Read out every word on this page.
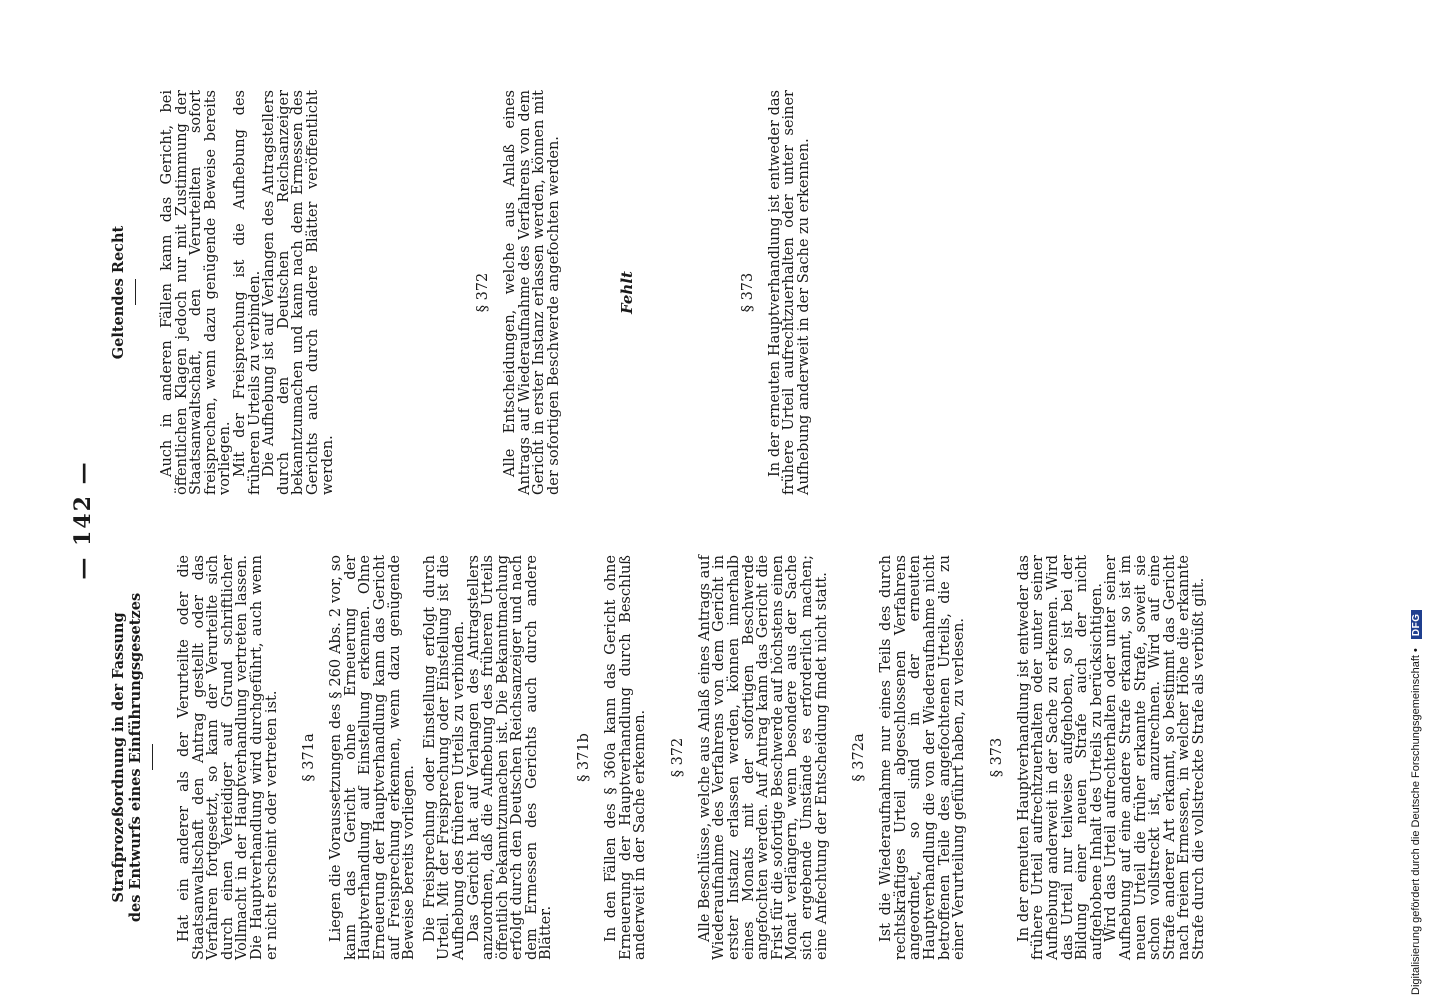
— 142 —
Strafprozeßordnung in der Fassung des Entwurfs eines Einführungsgesetzes Hat ein anderer als der Verurteilte oder die Staatsanwaltschaft den Antrag gestellt oder das Verfahren fortgesetzt, so kann der Verurteilte sich durch einen Verteidiger auf Grund schriftlicher Vollmacht in der Hauptverhandlung vertreten lassen. Die Hauptverhandlung wird durchgeführt, auch wenn er nicht erscheint oder vertreten ist. § 371a Liegen die Voraussetzungen des § 260 Abs. 2 vor, so kann das Gericht ohne Erneuerung der Hauptverhandlung auf Einstellung erkennen. Ohne Erneuerung der Hauptverhandlung kann das Gericht auf Freisprechung erkennen, wenn dazu genügende Beweise bereits vorliegen. Die Freisprechung oder Einstellung erfolgt durch Urteil. Mit der Freisprechung oder Einstellung ist die Aufhebung des früheren Urteils zu verbinden.

Das Gericht hat auf Verlangen des Antragstellers anzuordnen, daß die Aufhebung des früheren Urteils öffentlich bekanntzumachen ist. Die Bekanntmachung erfolgt durch den Deutschen Reichsanzeiger und nach dem Ermessen des Gerichts auch durch andere Blätter.

§ 371b In den Fällen des § 360a kann das Gericht ohne Erneuerung der Hauptverhandlung durch Beschluß anderweit in der Sache erkennen. § 372 Alle Beschlüsse, welche aus Anlaß eines Antrags auf Wiederaufnahme des Verfahrens von dem Gericht in erster Instanz erlassen werden, können innerhalb eines Monats mit der sofortigen Beschwerde angefochten werden. Auf Antrag kann das Gericht die Frist für die sofortige Beschwerde auf höchstens einen Monat verlängern, wenn besondere aus der Sache sich ergebende Umstände es erforderlich machen; eine Anfechtung der Entscheidung findet nicht statt. § 372a Ist die Wiederaufnahme nur eines Teils des durch rechtskräftiges Urteil abgeschlossenen Verfahrens angeordnet, so sind in der erneuten Hauptverhandlung die von der Wiederaufnahme nicht betroffenen Teile des angefochtenen Urteils, die zu einer Verurteilung geführt haben, zu verlesen. § 373 In der erneuten Hauptverhandlung ist entweder das frühere Urteil aufrechtzuerhalten oder unter seiner Aufhebung anderweit in der Sache zu erkennen. Wird das Urteil nur teilweise aufgehoben, so ist bei der Bildung einer neuen Strafe auch der nicht aufgehobene Inhalt des Urteils zu berücksichtigen.

Wird das Urteil aufrechterhalten oder unter seiner Aufhebung auf eine andere Strafe erkannt, so ist im neuen Urteil die früher erkannte Strafe, soweit sie schon vollstreckt ist, anzurechnen. Wird auf eine Strafe anderer Art erkannt, so bestimmt das Gericht nach freiem Ermessen, in welcher Höhe die erkannte Strafe durch die vollstreckte Strafe als verbüßt gilt.

Geltendes Recht Auch in anderen Fällen kann das Gericht, bei öffentlichen Klagen jedoch nur mit Zustimmung der Staatsanwaltschaft, den Verurteilten sofort freisprechen, wenn dazu genügende Beweise bereits vorliegen.

Mit der Freisprechung ist die Aufhebung des früheren Urteils zu verbinden.

Die Aufhebung ist auf Verlangen des Antragstellers durch den Deutschen Reichsanzeiger bekanntzumachen und kann nach dem Ermessen des Gerichts auch durch andere Blätter veröffentlicht werden.

§ 372 Alle Entscheidungen, welche aus Anlaß eines Antrags auf Wiederaufnahme des Verfahrens von dem Gericht in erster Instanz erlassen werden, können mit der sofortigen Beschwerde angefochten werden.	Fehlt	§ 373 In der erneuten Hauptverhandlung ist entweder das frühere Urteil aufrechtzuerhalten oder unter seiner Aufhebung anderweit in der Sache zu erkennen.

Digitalisierung gefördert durch die Deutsche Forschungsgemeinschaft • DFG
